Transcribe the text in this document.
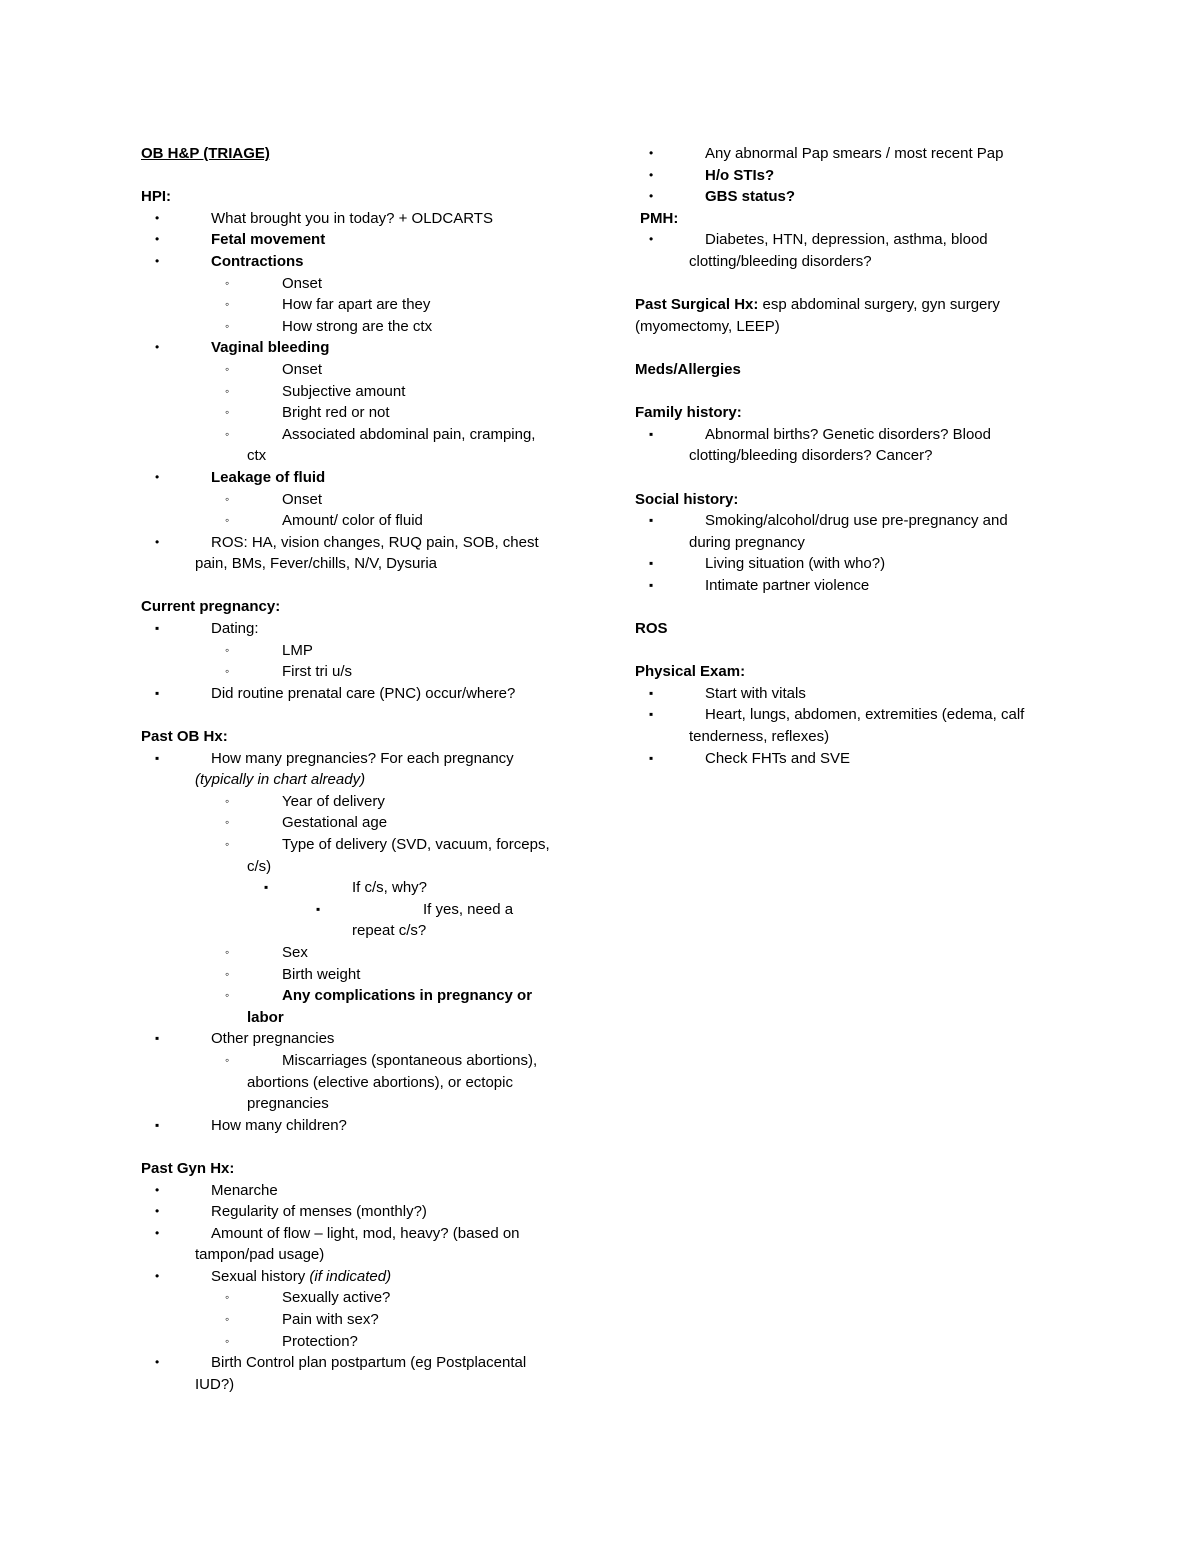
OB H&P (TRIAGE)
HPI:
•	What brought you in today? + OLDCARTS
•	Fetal movement
•	Contractions
◦	Onset
◦	How far apart are they
◦	How strong are the ctx
•	Vaginal bleeding
◦	Onset
◦	Subjective amount
◦	Bright red or not
◦	Associated abdominal pain, cramping,
ctx
•	Leakage of fluid
◦	Onset
◦	Amount/ color of fluid
•	ROS: HA, vision changes, RUQ pain, SOB, chest
pain, BMs, Fever/chills, N/V, Dysuria
Current pregnancy:
▪	Dating:
◦	LMP
◦	First tri u/s
▪	Did routine prenatal care (PNC) occur/where?
Past OB Hx:
▪	How many pregnancies? For each pregnancy
(typically in chart already)
◦	Year of delivery
◦	Gestational age
◦	Type of delivery (SVD, vacuum, forceps,
c/s)
▪	If c/s, why?
▪	If yes, need a
repeat c/s?
◦	Sex
◦	Birth weight
◦	Any complications in pregnancy or
labor
▪	Other pregnancies
◦	Miscarriages (spontaneous abortions),
abortions (elective abortions), or ectopic
pregnancies
▪	How many children?
Past Gyn Hx:
•	Menarche
•	Regularity of menses (monthly?)
•	Amount of flow – light, mod, heavy? (based on
tampon/pad usage)
•	Sexual history (if indicated)
◦	Sexually active?
◦	Pain with sex?
◦	Protection?
•	Birth Control plan postpartum (eg Postplacental
IUD?)
•	Any abnormal Pap smears / most recent Pap
•	H/o STIs?
•	GBS status?
PMH:
•	Diabetes, HTN, depression, asthma, blood
clotting/bleeding disorders?
Past Surgical Hx: esp abdominal surgery, gyn surgery
(myomectomy, LEEP)
Meds/Allergies
Family history:
▪	Abnormal births? Genetic disorders? Blood
clotting/bleeding disorders? Cancer?
Social history:
▪	Smoking/alcohol/drug use pre-pregnancy and
during pregnancy
▪	Living situation (with who?)
▪	Intimate partner violence
ROS
Physical Exam:
▪	Start with vitals
▪	Heart, lungs, abdomen, extremities (edema, calf
tenderness, reflexes)
▪	Check FHTs and SVE
